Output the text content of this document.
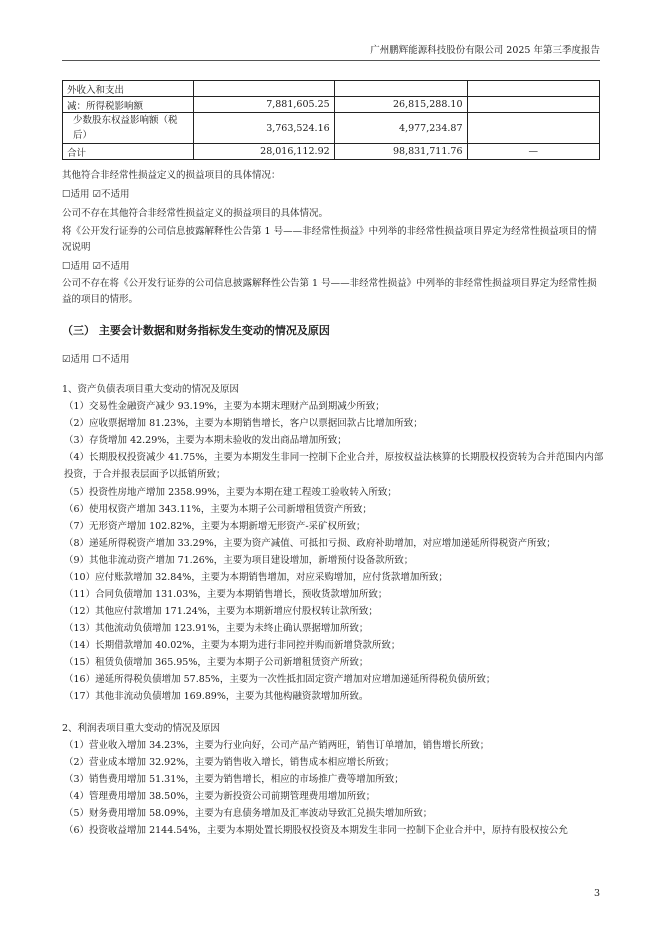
广州鹏辉能源科技股份有限公司 2025 年第三季度报告
外收入和支出			
减：所得税影响额	7,881,605.25	26,815,288.10	
少数股东权益影响额（税后）	3,763,524.16	4,977,234.87	
合计	28,016,112.92	98,831,711.76	—
其他符合非经常性损益定义的损益项目的具体情况：
☐适用 ☑不适用
公司不存在其他符合非经常性损益定义的损益项目的具体情况。
将《公开发行证券的公司信息披露解释性公告第 1 号——非经常性损益》中列举的非经常性损益项目界定为经常性损益项目的情况说明
☐适用 ☑不适用
公司不存在将《公开发行证券的公司信息披露解释性公告第 1 号——非经常性损益》中列举的非经常性损益项目界定为经常性损益的项目的情形。
（三） 主要会计数据和财务指标发生变动的情况及原因
☑适用 ☐不适用
1、资产负债表项目重大变动的情况及原因
（1）交易性金融资产减少 93.19%，主要为本期末理财产品到期减少所致；
（2）应收票据增加 81.23%，主要为本期销售增长，客户以票据回款占比增加所致；
（3）存货增加 42.29%，主要为本期未验收的发出商品增加所致；
（4）长期股权投资减少 41.75%，主要为本期发生非同一控制下企业合并，原按权益法核算的长期股权投资转为合并范围内内部投资，于合并报表层面予以抵销所致；
（5）投资性房地产增加 2358.99%，主要为本期在建工程竣工验收转入所致；
（6）使用权资产增加 343.11%，主要为本期子公司新增租赁资产所致；
（7）无形资产增加 102.82%，主要为本期新增无形资产-采矿权所致；
（8）递延所得税资产增加 33.29%，主要为资产减值、可抵扣亏损、政府补助增加，对应增加递延所得税资产所致；
（9）其他非流动资产增加 71.26%，主要为项目建设增加，新增预付设备款所致；
（10）应付账款增加 32.84%，主要为本期销售增加，对应采购增加，应付货款增加所致；
（11）合同负债增加 131.03%，主要为本期销售增长，预收货款增加所致；
（12）其他应付款增加 171.24%，主要为本期新增应付股权转让款所致；
（13）其他流动负债增加 123.91%，主要为未终止确认票据增加所致；
（14）长期借款增加 40.02%，主要为本期为进行非同控并购而新增贷款所致；
（15）租赁负债增加 365.95%，主要为本期子公司新增租赁资产所致；
（16）递延所得税负债增加 57.85%，主要为一次性抵扣固定资产增加对应增加递延所得税负债所致；
（17）其他非流动负债增加 169.89%，主要为其他构融资款增加所致。
2、利润表项目重大变动的情况及原因
（1）营业收入增加 34.23%，主要为行业向好，公司产品产销两旺，销售订单增加，销售增长所致；
（2）营业成本增加 32.92%，主要为销售收入增长，销售成本相应增长所致；
（3）销售费用增加 51.31%，主要为销售增长，相应的市场推广费等增加所致；
（4）管理费用增加 38.50%，主要为新投资公司前期管理费用增加所致；
（5）财务费用增加 58.09%，主要为有息债务增加及汇率波动导致汇兑损失增加所致；
（6）投资收益增加 2144.54%，主要为本期处置长期股权投资及本期发生非同一控制下企业合并中，原持有股权按公允
3
